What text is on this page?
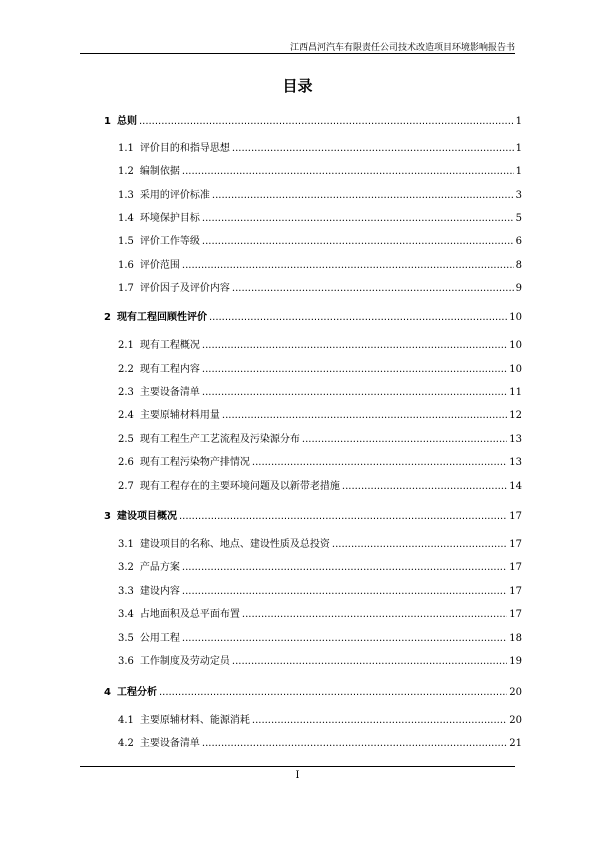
江西昌河汽车有限责任公司技术改造项目环境影响报告书
目录
1 总则 .....	1
1.1 评价目的和指导思想 .....	1
1.2 编制依据 .....	1
1.3 采用的评价标准 .....	3
1.4 环境保护目标 .....	5
1.5 评价工作等级 .....	6
1.6 评价范围 .....	8
1.7 评价因子及评价内容 .....	9
2 现有工程回顾性评价 .....	10
2.1 现有工程概况 .....	10
2.2 现有工程内容 .....	10
2.3 主要设备清单 .....	11
2.4 主要原辅材料用量 .....	12
2.5 现有工程生产工艺流程及污染源分布 .....	13
2.6 现有工程污染物产排情况 .....	13
2.7 现有工程存在的主要环境问题及以新带老措施 .....	14
3 建设项目概况 .....	17
3.1 建设项目的名称、地点、建设性质及总投资 .....	17
3.2 产品方案 .....	17
3.3 建设内容 .....	17
3.4 占地面积及总平面布置 .....	17
3.5 公用工程 .....	18
3.6 工作制度及劳动定员 .....	19
4 工程分析 .....	20
4.1 主要原辅材料、能源消耗 .....	20
4.2 主要设备清单 .....	21
I
